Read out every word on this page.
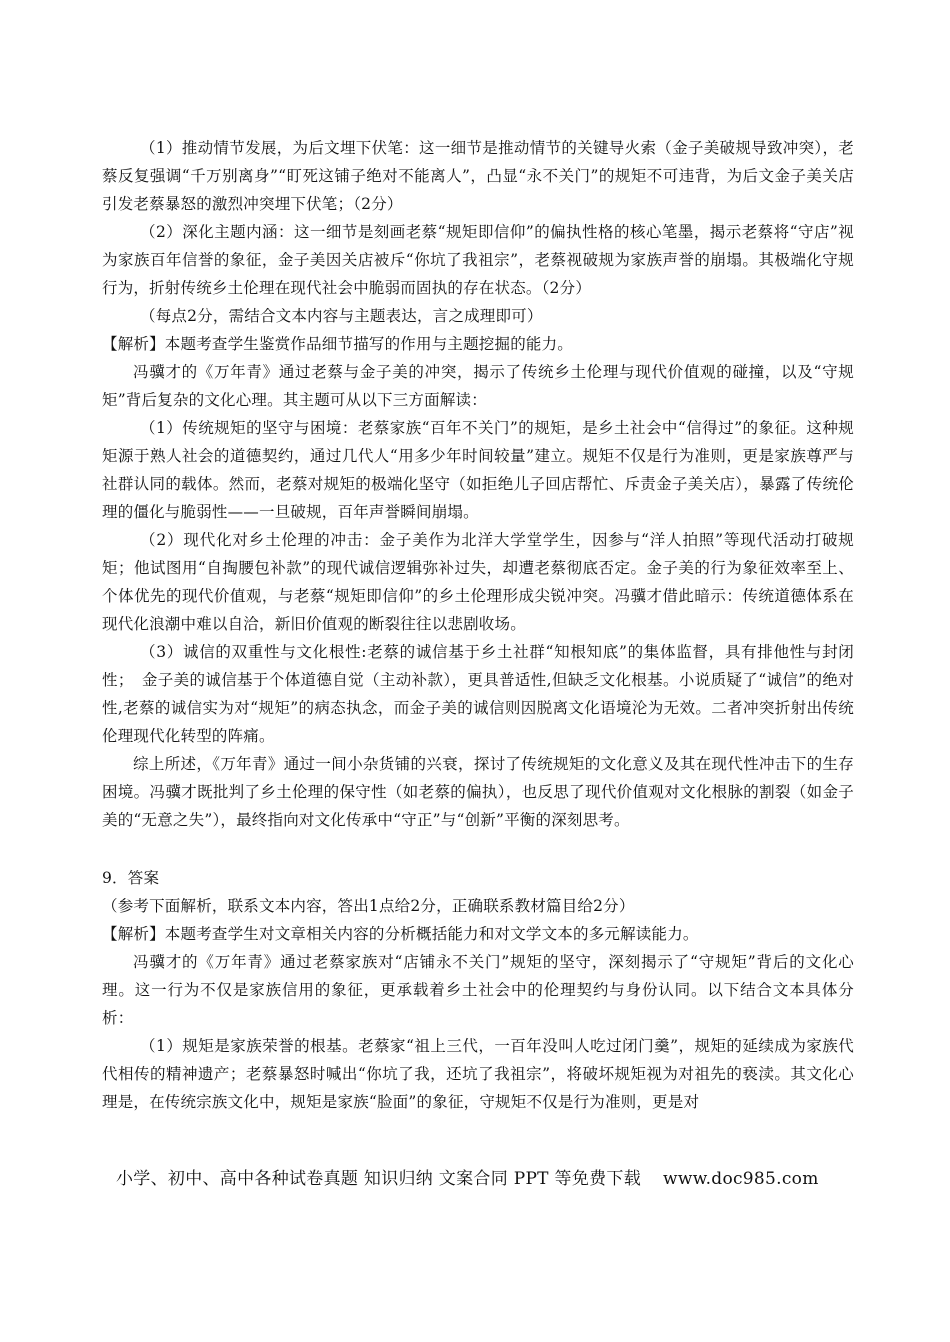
（1）推动情节发展，为后文埋下伏笔：这一细节是推动情节的关键导火索（金子美破规导致冲突），老蔡反复强调“千万别离身”“盯死这铺子绝对不能离人”，凸显“永不关门”的规矩不可违背，为后文金子美关店引发老蔡暴怒的激烈冲突埋下伏笔；（2分）

（2）深化主题内涵：这一细节是刻画老蔡“规矩即信仰”的偏执性格的核心笔墨，揭示老蔡将“守店”视为家族百年信誉的象征，金子美因关店被斥“你坑了我祖宗”，老蔡视破规为家族声誉的崩塌。其极端化守规行为，折射传统乡土伦理在现代社会中脆弱而固执的存在状态。（2分）

（每点2分，需结合文本内容与主题表达，言之成理即可）

【解析】本题考查学生鉴赏作品细节描写的作用与主题挖掘的能力。

冯骥才的《万年青》通过老蔡与金子美的冲突，揭示了传统乡土伦理与现代价值观的碰撞，以及“守规矩”背后复杂的文化心理。其主题可从以下三方面解读：

（1）传统规矩的坚守与困境：老蔡家族“百年不关门”的规矩，是乡土社会中“信得过”的象征。这种规矩源于熟人社会的道德契约，通过几代人“用多少年时间较量”建立。规矩不仅是行为准则，更是家族尊严与社群认同的载体。然而，老蔡对规矩的极端化坚守（如拒绝儿子回店帮忙、斥责金子美关店），暴露了传统伦理的僵化与脆弱性——一旦破规，百年声誉瞬间崩塌。

（2）现代化对乡土伦理的冲击：金子美作为北洋大学堂学生，因参与“洋人拍照”等现代活动打破规矩；他试图用“自掏腰包补款”的现代诚信逻辑弥补过失，却遭老蔡彻底否定。金子美的行为象征效率至上、个体优先的现代价值观，与老蔡“规矩即信仰”的乡土伦理形成尖锐冲突。冯骥才借此暗示：传统道德体系在现代化浪潮中难以自洽，新旧价值观的断裂往往以悲剧收场。

（3）诚信的双重性与文化根性:老蔡的诚信基于乡土社群“知根知底”的集体监督，具有排他性与封闭性；　金子美的诚信基于个体道德自觉（主动补款），更具普适性,但缺乏文化根基。小说质疑了“诚信”的绝对性,老蔡的诚信实为对“规矩”的病态执念，而金子美的诚信则因脱离文化语境沦为无效。二者冲突折射出传统伦理现代化转型的阵痛。

综上所述，《万年青》通过一间小杂货铺的兴衰，探讨了传统规矩的文化意义及其在现代性冲击下的生存困境。冯骥才既批判了乡土伦理的保守性（如老蔡的偏执），也反思了现代价值观对文化根脉的割裂（如金子美的“无意之失”），最终指向对文化传承中“守正”与“创新”平衡的深刻思考。

9．答案

（参考下面解析，联系文本内容，答出1点给2分，正确联系教材篇目给2分）

【解析】本题考查学生对文章相关内容的分析概括能力和对文学文本的多元解读能力。

冯骥才的《万年青》通过老蔡家族对“店铺永不关门”规矩的坚守，深刻揭示了“守规矩”背后的文化心理。这一行为不仅是家族信用的象征，更承载着乡土社会中的伦理契约与身份认同。以下结合文本具体分析：

（1）规矩是家族荣誉的根基。老蔡家“祖上三代，一百年没叫人吃过闭门羹”，规矩的延续成为家族代代相传的精神遗产；老蔡暴怒时喊出“你坑了我，还坑了我祖宗”，将破坏规矩视为对祖先的亵渎。其文化心理是，在传统宗族文化中，规矩是家族“脸面”的象征，守规矩不仅是行为准则，更是对

小学、初中、高中各种试卷真题 知识归纳 文案合同 PPT 等免费下载 www.doc985.com
